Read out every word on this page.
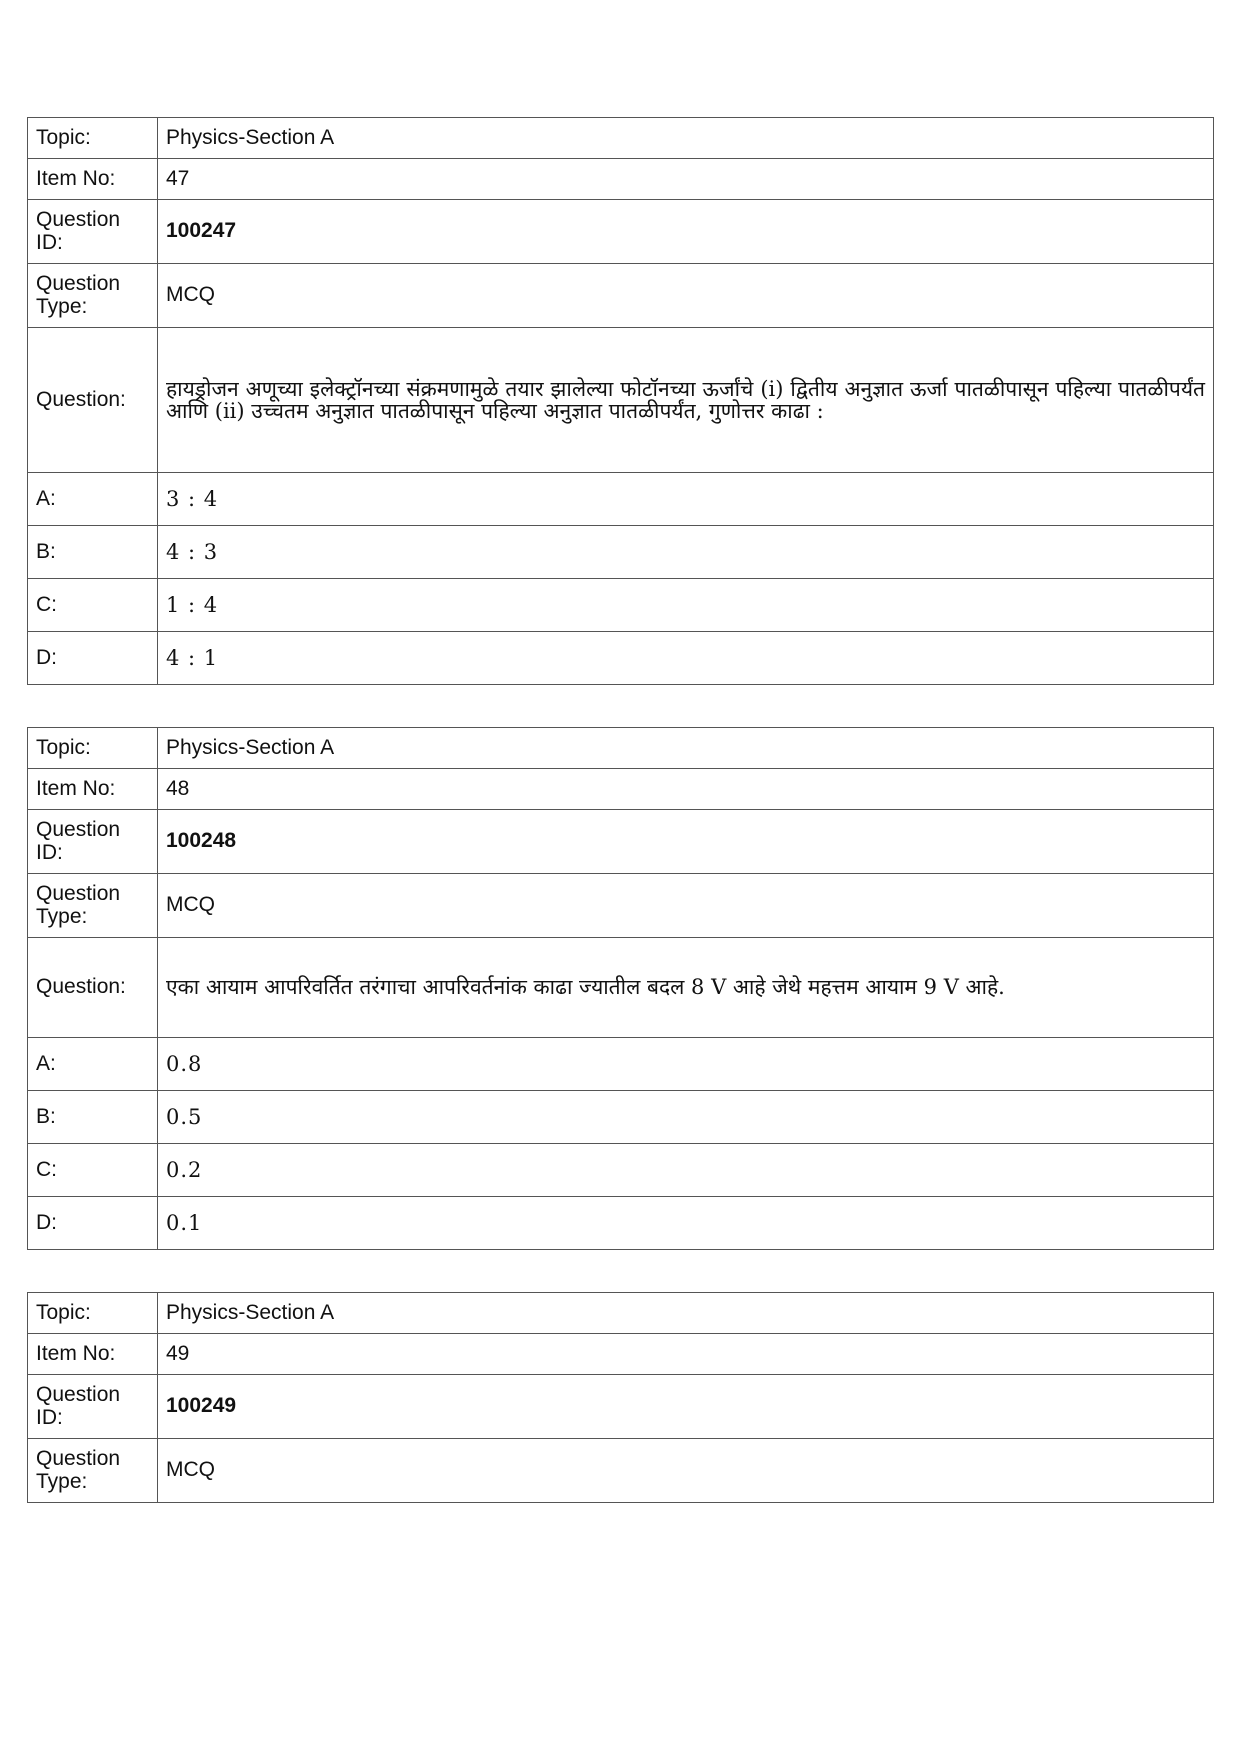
Topic:	Physics-Section A
Item No:	47
Question ID:	100247
Question Type:	MCQ
Question:	हायड्रोजन अणूच्या इलेक्ट्रॉनच्या संक्रमणामुळे तयार झालेल्या फोटॉनच्या ऊर्जांचे (i) द्वितीय अनुज्ञात ऊर्जा पातळीपासून पहिल्या पातळीपर्यंत आणि (ii) उच्चतम अनुज्ञात पातळीपासून पहिल्या अनुज्ञात पातळीपर्यंत, गुणोत्तर काढा :
A:	3 : 4
B:	4 : 3
C:	1 : 4
D:	4 : 1
Topic:	Physics-Section A
Item No:	48
Question ID:	100248
Question Type:	MCQ
Question:	एका आयाम आपरिवर्तित तरंगाचा आपरिवर्तनांक काढा ज्यातील बदल 8 V आहे जेथे महत्तम आयाम 9 V आहे.
A:	0.8
B:	0.5
C:	0.2
D:	0.1
Topic:	Physics-Section A
Item No:	49
Question ID:	100249
Question Type:	MCQ
